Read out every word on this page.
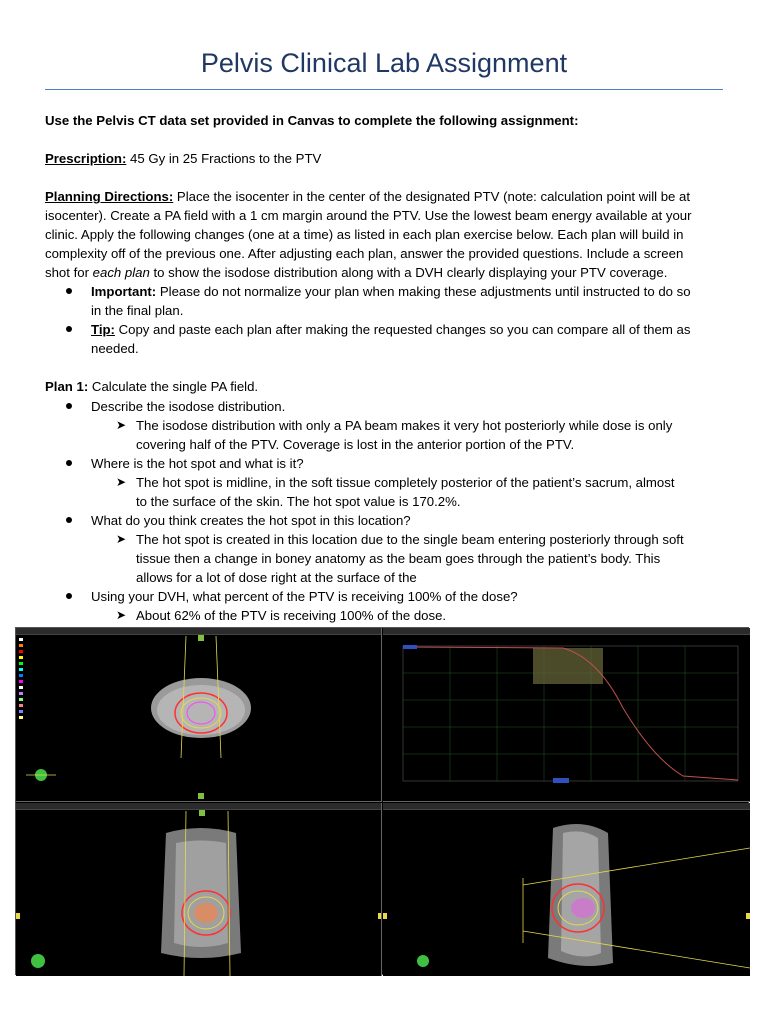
Pelvis Clinical Lab Assignment
Use the Pelvis CT data set provided in Canvas to complete the following assignment:
Prescription: 45 Gy in 25 Fractions to the PTV
Planning Directions: Place the isocenter in the center of the designated PTV (note: calculation point will be at
isocenter). Create a PA field with a 1 cm margin around the PTV. Use the lowest beam energy available at your
clinic. Apply the following changes (one at a time) as listed in each plan exercise below. Each plan will build in
complexity off of the previous one. After adjusting each plan, answer the provided questions. Include a screen
shot for each plan to show the isodose distribution along with a DVH clearly displaying your PTV coverage.
Important: Please do not normalize your plan when making these adjustments until instructed to do so
in the final plan.
Tip: Copy and paste each plan after making the requested changes so you can compare all of them as
needed.
Plan 1: Calculate the single PA field.
Describe the isodose distribution.
➤ The isodose distribution with only a PA beam makes it very hot posteriorly while dose is only
covering half of the PTV. Coverage is lost in the anterior portion of the PTV.
Where is the hot spot and what is it?
➤ The hot spot is midline, in the soft tissue completely posterior of the patient’s sacrum, almost
to the surface of the skin. The hot spot value is 170.2%.
What do you think creates the hot spot in this location?
➤ The hot spot is created in this location due to the single beam entering posteriorly through soft
tissue then a change in boney anatomy as the beam goes through the patient’s body. This
allows for a lot of dose right at the surface of the
Using your DVH, what percent of the PTV is receiving 100% of the dose?
➤ About 62% of the PTV is receiving 100% of the dose.
